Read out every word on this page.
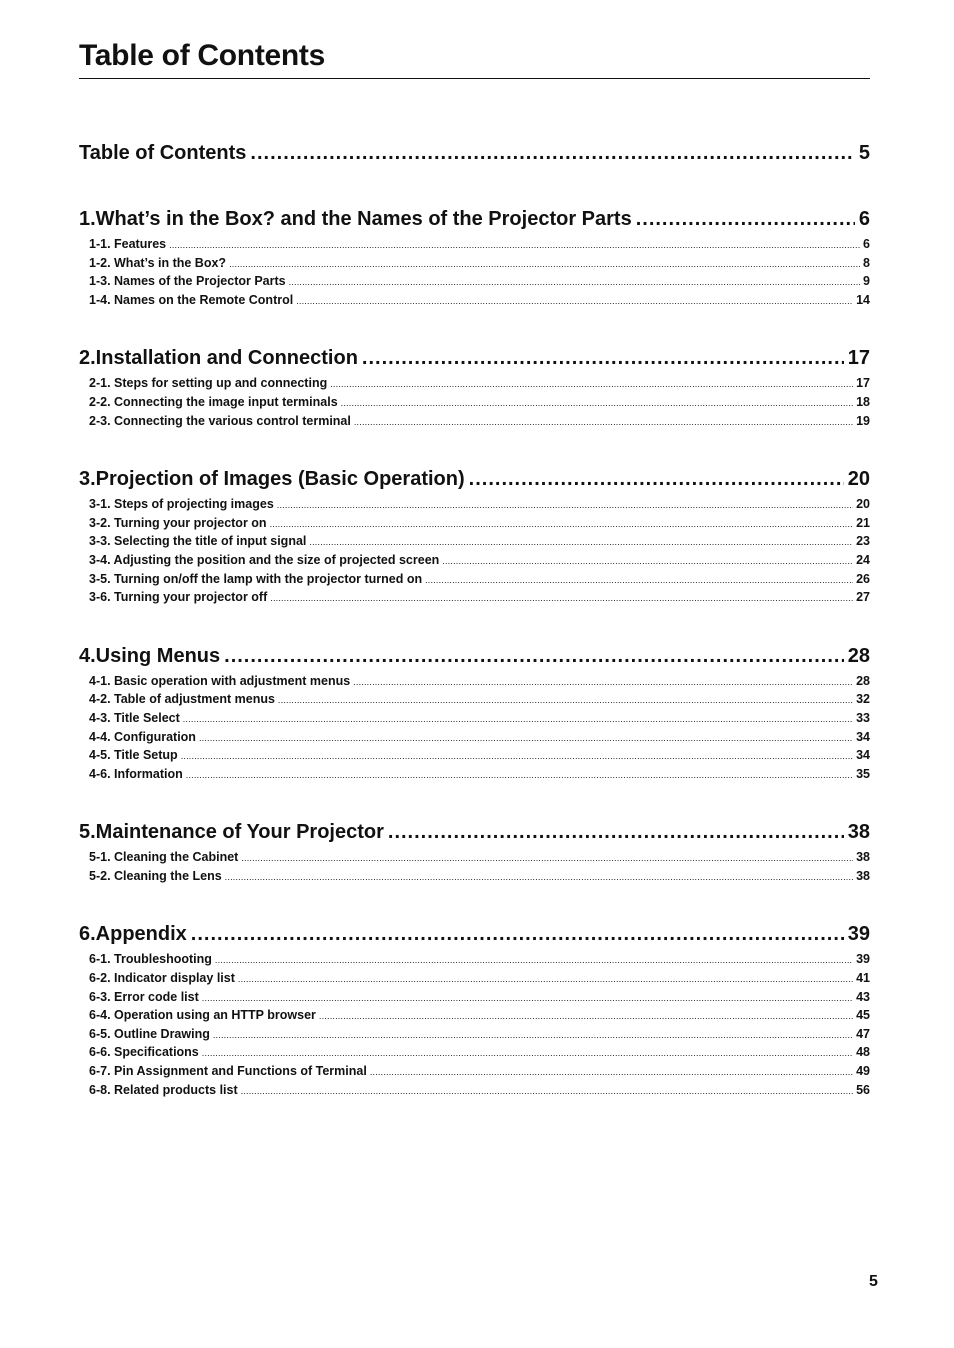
Table of Contents
Table of Contents .....	5
1.What’s in the Box? and the Names of the Projector Parts .....	6
1-1. Features .....	6
1-2. What’s in the Box? .....	8
1-3. Names of the Projector Parts .....	9
1-4. Names on the Remote Control .....	14
2.Installation and Connection .....	17
2-1. Steps for setting up and connecting .....	17
2-2. Connecting the image input terminals .....	18
2-3. Connecting the various control terminal .....	19
3.Projection of Images (Basic Operation) .....	20
3-1. Steps of projecting images .....	20
3-2. Turning your projector on .....	21
3-3. Selecting the title of input signal .....	23
3-4. Adjusting the position and the size of projected screen .....	24
3-5. Turning on/off the lamp with the projector turned on .....	26
3-6. Turning your projector off .....	27
4.Using Menus .....	28
4-1. Basic operation with adjustment menus .....	28
4-2. Table of adjustment menus .....	32
4-3. Title Select .....	33
4-4. Configuration .....	34
4-5. Title Setup .....	34
4-6. Information .....	35
5.Maintenance of Your Projector .....	38
5-1. Cleaning the Cabinet .....	38
5-2. Cleaning the Lens .....	38
6.Appendix .....	39
6-1. Troubleshooting .....	39
6-2. Indicator display list .....	41
6-3. Error code list .....	43
6-4. Operation using an HTTP browser .....	45
6-5. Outline Drawing .....	47
6-6. Specifications .....	48
6-7. Pin Assignment and Functions of Terminal .....	49
6-8. Related products list .....	56
5
